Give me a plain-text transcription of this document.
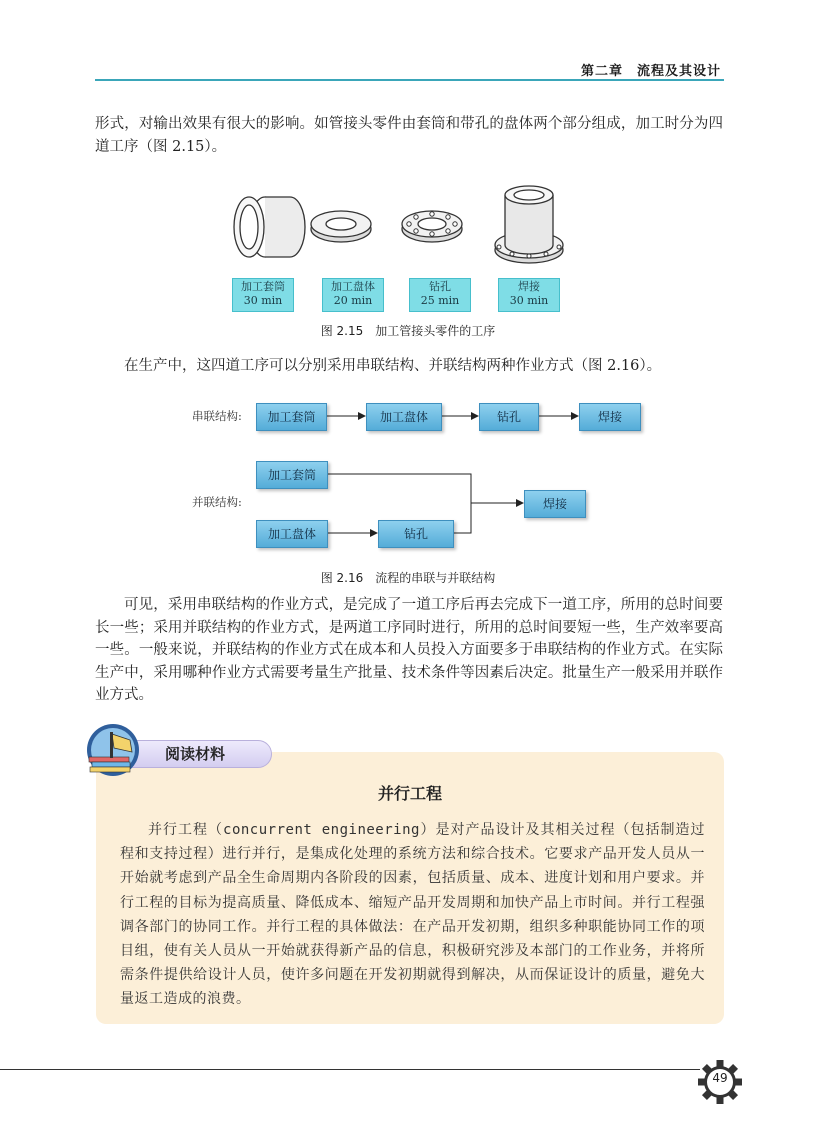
第二章　流程及其设计

形式，对输出效果有很大的影响。如管接头零件由套筒和带孔的盘体两个部分组成，加工时分为四道工序（图 2.15）。

加工套筒
30 min
加工盘体
20 min
钻孔
25 min
焊接
30 min
图 2.15　加工管接头零件的工序

在生产中，这四道工序可以分别采用串联结构、并联结构两种作业方式（图 2.16）。

串联结构:
并联结构:
加工套筒	加工盘体	钻孔	焊接
加工套筒
加工盘体	钻孔
焊接
图 2.16　流程的串联与并联结构

可见，采用串联结构的作业方式，是完成了一道工序后再去完成下一道工序，所用的总时间要长一些；采用并联结构的作业方式，是两道工序同时进行，所用的总时间要短一些，生产效率要高一些。一般来说，并联结构的作业方式在成本和人员投入方面要多于串联结构的作业方式。在实际生产中，采用哪种作业方式需要考量生产批量、技术条件等因素后决定。批量生产一般采用并联作业方式。

阅读材料
并行工程

并行工程（concurrent engineering）是对产品设计及其相关过程（包括制造过程和支持过程）进行并行，是集成化处理的系统方法和综合技术。它要求产品开发人员从一开始就考虑到产品全生命周期内各阶段的因素，包括质量、成本、进度计划和用户要求。并行工程的目标为提高质量、降低成本、缩短产品开发周期和加快产品上市时间。并行工程强调各部门的协同工作。并行工程的具体做法：在产品开发初期，组织多种职能协同工作的项目组，使有关人员从一开始就获得新产品的信息，积极研究涉及本部门的工作业务，并将所需条件提供给设计人员，使许多问题在开发初期就得到解决，从而保证设计的质量，避免大量返工造成的浪费。

49
